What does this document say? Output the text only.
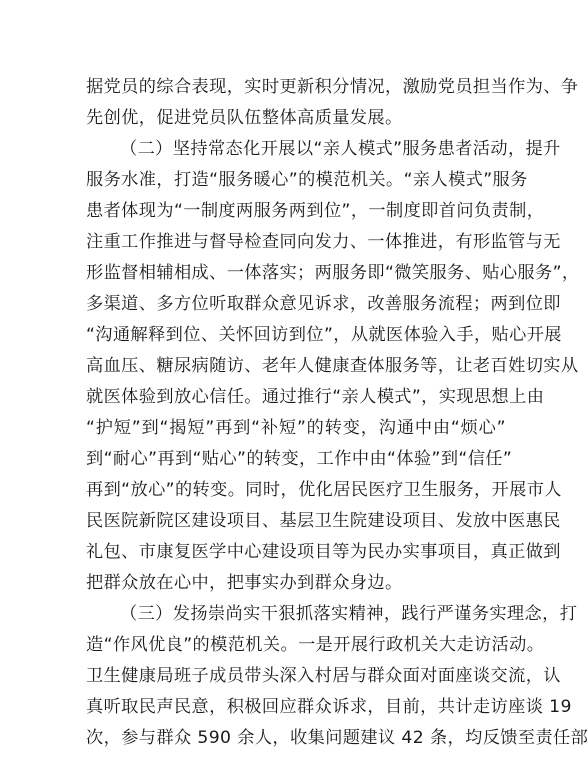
据党员的综合表现，实时更新积分情况，激励党员担当作为、争
先创优，促进党员队伍整体高质量发展。
（二）坚持常态化开展以“亲人模式”服务患者活动，提升
服务水准，打造“服务暖心”的模范机关。“亲人模式”服务
患者体现为“一制度两服务两到位”，一制度即首问负责制，
注重工作推进与督导检查同向发力、一体推进，有形监管与无
形监督相辅相成、一体落实；两服务即“微笑服务、贴心服务”，
多渠道、多方位听取群众意见诉求，改善服务流程；两到位即
“沟通解释到位、关怀回访到位”，从就医体验入手，贴心开展
高血压、糖尿病随访、老年人健康查体服务等，让老百姓切实从
就医体验到放心信任。通过推行“亲人模式”，实现思想上由
“护短”到“揭短”再到“补短”的转变，沟通中由“烦心”
到“耐心”再到“贴心”的转变，工作中由“体验”到“信任”
再到“放心”的转变。同时，优化居民医疗卫生服务，开展市人
民医院新院区建设项目、基层卫生院建设项目、发放中医惠民
礼包、市康复医学中心建设项目等为民办实事项目，真正做到
把群众放在心中，把事实办到群众身边。
（三）发扬崇尚实干狠抓落实精神，践行严谨务实理念，打
造“作风优良”的模范机关。一是开展行政机关大走访活动。
卫生健康局班子成员带头深入村居与群众面对面座谈交流，认
真听取民声民意，积极回应群众诉求，目前，共计走访座谈 19
次，参与群众 590 余人，收集问题建议 42 条，均反馈至责任部
